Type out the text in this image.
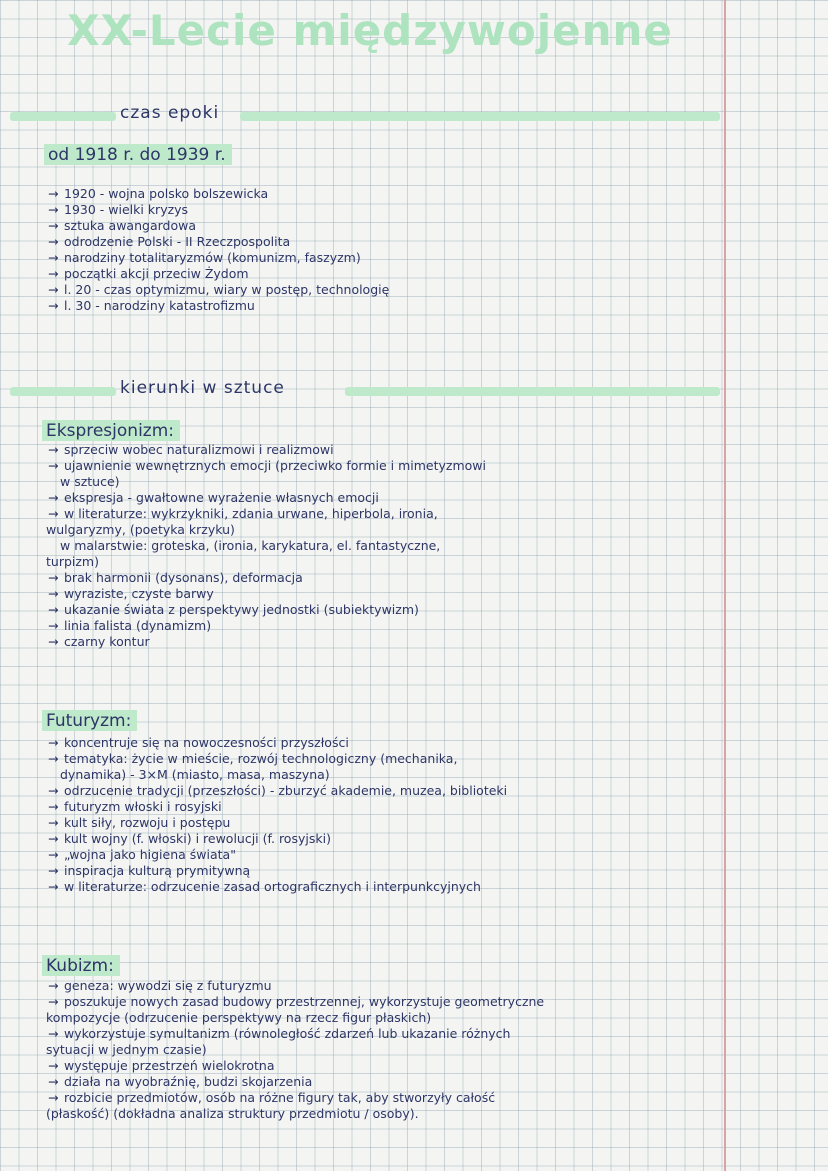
XX-Lecie międzywojenne
czas epoki
od 1918 r. do 1939 r.
→ 1920 - wojna polsko bolszewicka
→ 1930 - wielki kryzys
→ sztuka awangardowa
→ odrodzenie Polski - II Rzeczpospolita
→ narodziny totalitaryzmów (komunizm, faszyzm)
→ początki akcji przeciw Żydom
→ l. 20 - czas optymizmu, wiary w postęp, technologię
→ l. 30 - narodziny katastrofizmu
kierunki w sztuce
Ekspresjonizm:
→ sprzeciw wobec naturalizmowi i realizmowi
→ ujawnienie wewnętrznych emocji (przeciwko formie i mimetyzmowi
w sztuce)
→ ekspresja - gwałtowne wyrażenie własnych emocji
→ w literaturze: wykrzykniki, zdania urwane, hiperbola, ironia,
wulgaryzmy, (poetyka krzyku)
w malarstwie: groteska, (ironia, karykatura, el. fantastyczne,
turpizm)
→ brak harmonii (dysonans), deformacja
→ wyraziste, czyste barwy
→ ukazanie świata z perspektywy jednostki (subiektywizm)
→ linia falista (dynamizm)
→ czarny kontur
Futuryzm:
→ koncentruje się na nowoczesności przyszłości
→ tematyka: życie w mieście, rozwój technologiczny (mechanika,
dynamika) - 3×M (miasto, masa, maszyna)
→ odrzucenie tradycji (przeszłości) - zburzyć akademie, muzea, biblioteki
→ futuryzm włoski i rosyjski
→ kult siły, rozwoju i postępu
→ kult wojny (f. włoski) i rewolucji (f. rosyjski)
→ „wojna jako higiena świata"
→ inspiracja kulturą prymitywną
→ w literaturze: odrzucenie zasad ortograficznych i interpunkcyjnych
Kubizm:
→ geneza: wywodzi się z futuryzmu
→ poszukuje nowych zasad budowy przestrzennej, wykorzystuje geometryczne
kompozycje (odrzucenie perspektywy na rzecz figur płaskich)
→ wykorzystuje symultanizm (równoległość zdarzeń lub ukazanie różnych
sytuacji w jednym czasie)
→ występuje przestrzeń wielokrotna
→ działa na wyobraźnię, budzi skojarzenia
→ rozbicie przedmiotów, osób na różne figury tak, aby stworzyły całość
(płaskość) (dokładna analiza struktury przedmiotu / osoby).
